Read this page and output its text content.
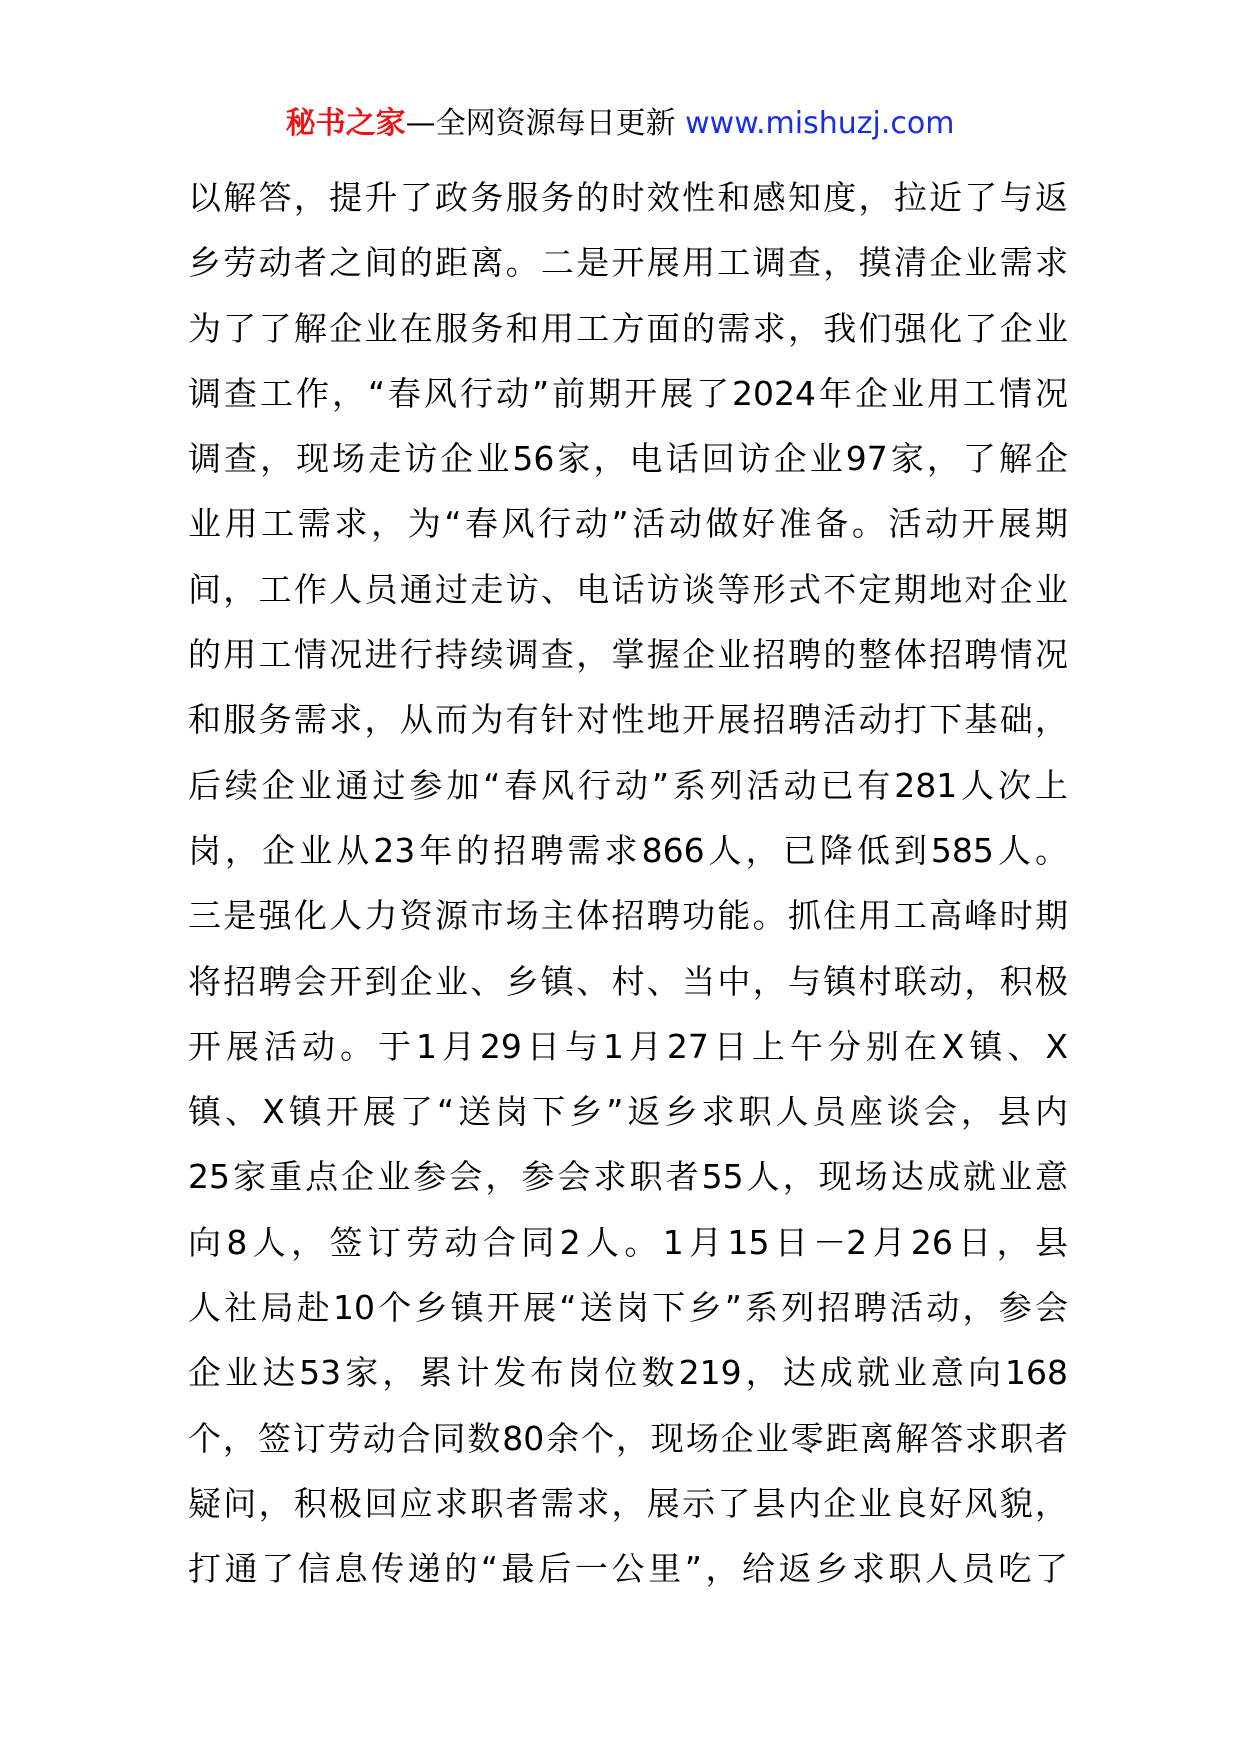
秘书之家—全网资源每日更新 www.mishuzj.com
以解答，提升了政务服务的时效性和感知度，拉近了与返
乡劳动者之间的距离。二是开展用工调查，摸清企业需求
为了了解企业在服务和用工方面的需求，我们强化了企业
调查工作，“春风行动”前期开展了2024年企业用工情况
调查，现场走访企业56家，电话回访企业97家，了解企
业用工需求，为“春风行动”活动做好准备。活动开展期
间，工作人员通过走访、电话访谈等形式不定期地对企业
的用工情况进行持续调查，掌握企业招聘的整体招聘情况
和服务需求，从而为有针对性地开展招聘活动打下基础，
后续企业通过参加“春风行动”系列活动已有281人次上
岗，企业从23年的招聘需求866人，已降低到585人。
三是强化人力资源市场主体招聘功能。抓住用工高峰时期
将招聘会开到企业、乡镇、村、当中，与镇村联动，积极
开展活动。于1月29日与1月27日上午分别在X镇、X
镇、X镇开展了“送岗下乡”返乡求职人员座谈会，县内
25家重点企业参会，参会求职者55人，现场达成就业意
向8人，签订劳动合同2人。1月15日－2月26日，县
人社局赴10个乡镇开展“送岗下乡”系列招聘活动，参会
企业达53家，累计发布岗位数219，达成就业意向168
个，签订劳动合同数80余个，现场企业零距离解答求职者
疑问，积极回应求职者需求，展示了县内企业良好风貌，
打通了信息传递的“最后一公里”，给返乡求职人员吃了
